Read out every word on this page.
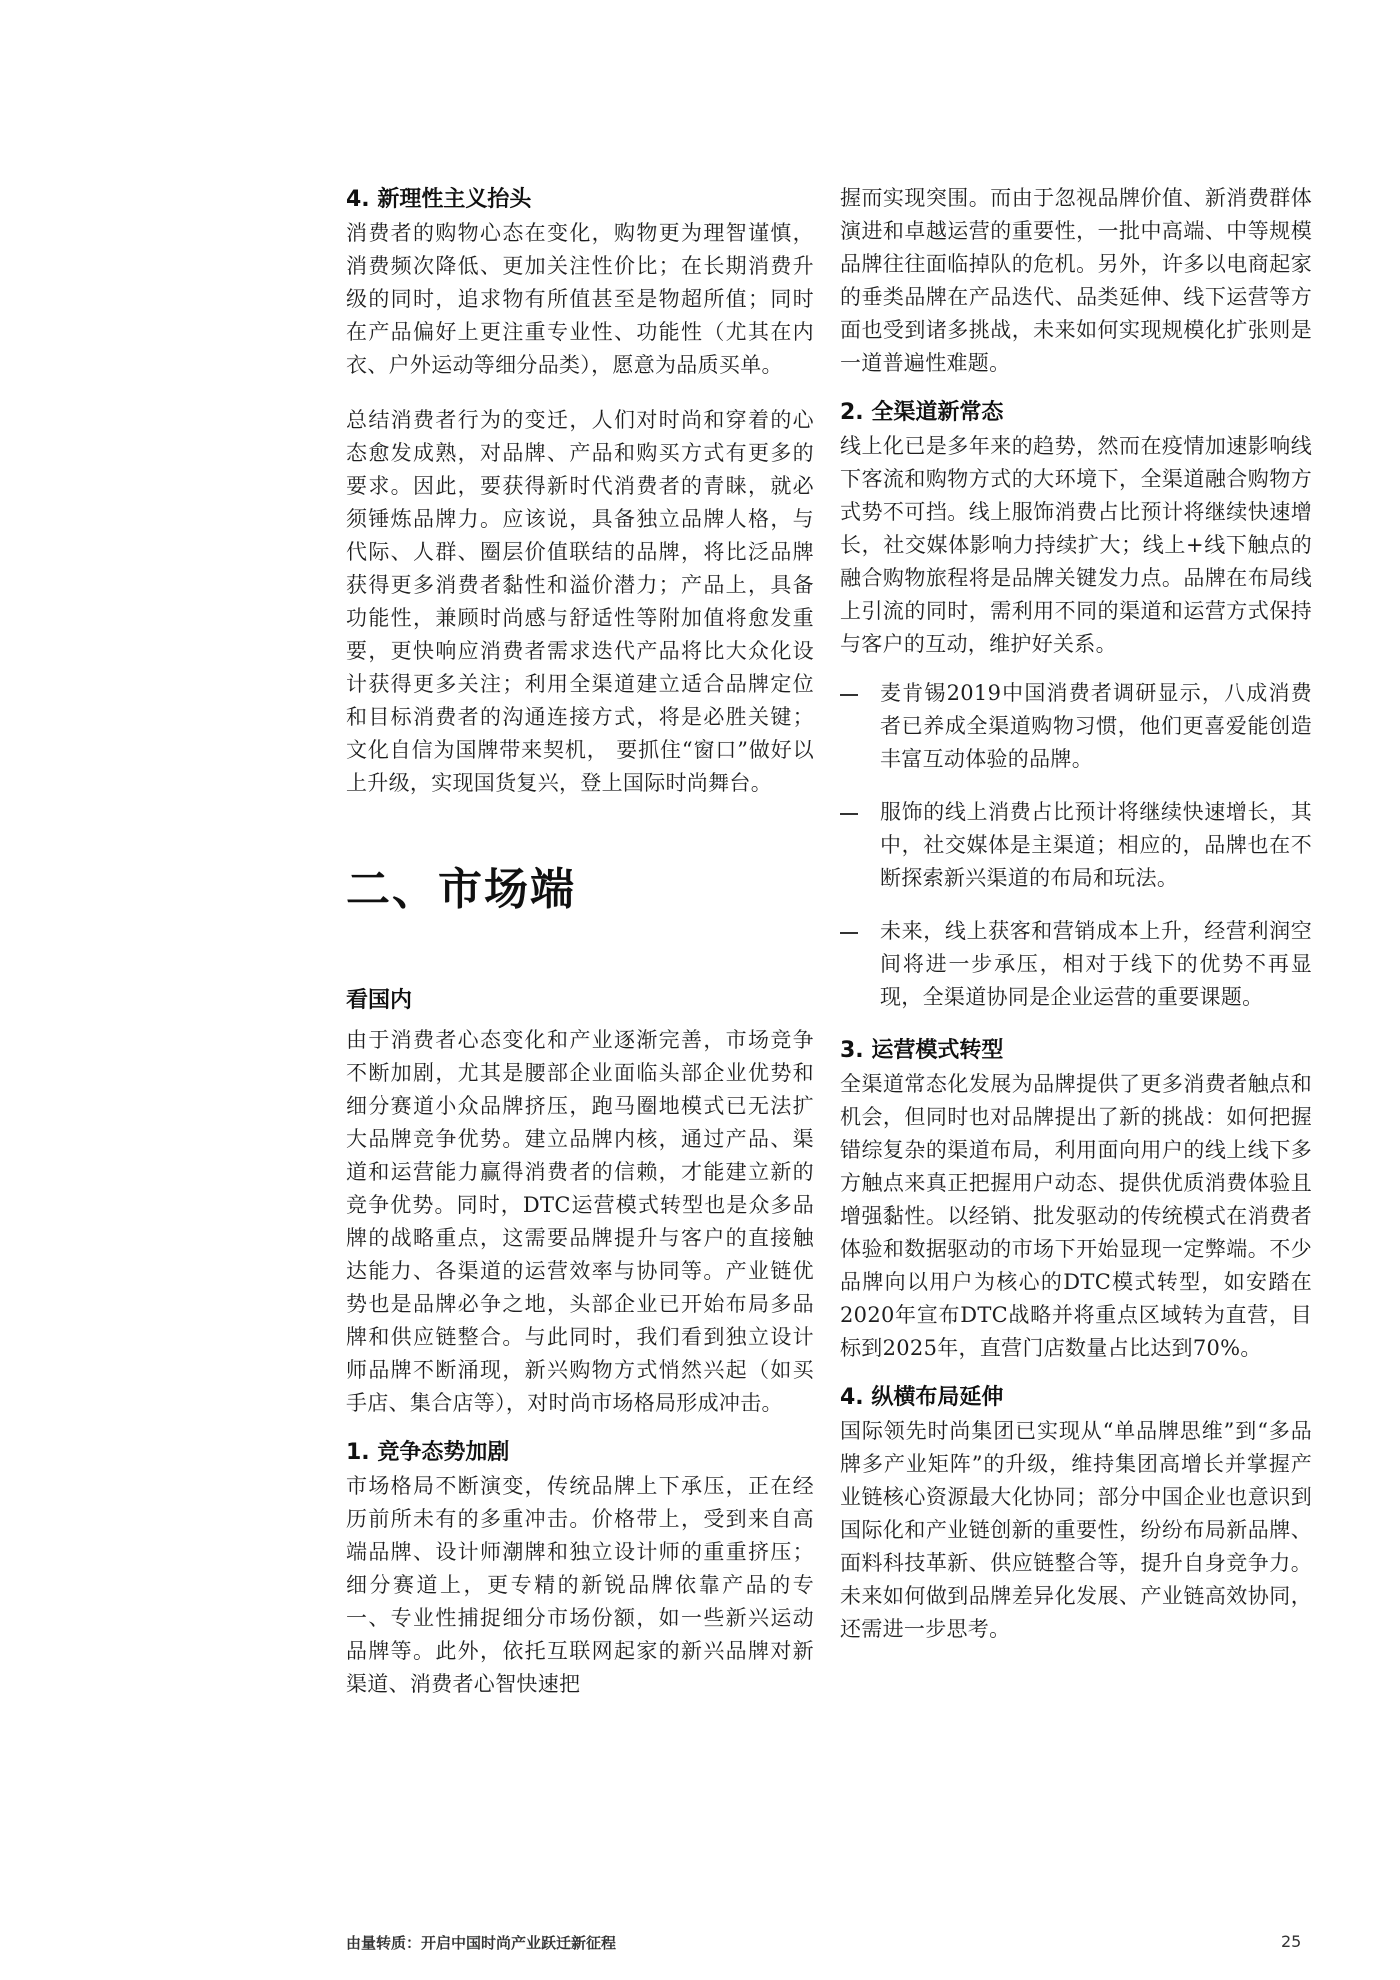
4. 新理性主义抬头

消费者的购物心态在变化，购物更为理智谨慎，消费频次降低、更加关注性价比；在长期消费升级的同时，追求物有所值甚至是物超所值；同时在产品偏好上更注重专业性、功能性（尤其在内衣、户外运动等细分品类），愿意为品质买单。

总结消费者行为的变迁，人们对时尚和穿着的心态愈发成熟，对品牌、产品和购买方式有更多的要求。因此，要获得新时代消费者的青睐，就必须锤炼品牌力。应该说，具备独立品牌人格，与代际、人群、圈层价值联结的品牌，将比泛品牌获得更多消费者黏性和溢价潜力；产品上，具备功能性，兼顾时尚感与舒适性等附加值将愈发重要，更快响应消费者需求迭代产品将比大众化设计获得更多关注；利用全渠道建立适合品牌定位和目标消费者的沟通连接方式，将是必胜关键；文化自信为国牌带来契机， 要抓住“窗口”做好以上升级，实现国货复兴，登上国际时尚舞台。

二、市场端
看国内

由于消费者心态变化和产业逐渐完善，市场竞争不断加剧，尤其是腰部企业面临头部企业优势和细分赛道小众品牌挤压，跑马圈地模式已无法扩大品牌竞争优势。建立品牌内核，通过产品、渠道和运营能力赢得消费者的信赖，才能建立新的竞争优势。同时，DTC运营模式转型也是众多品牌的战略重点，这需要品牌提升与客户的直接触达能力、各渠道的运营效率与协同等。产业链优势也是品牌必争之地，头部企业已开始布局多品牌和供应链整合。与此同时，我们看到独立设计师品牌不断涌现，新兴购物方式悄然兴起（如买手店、集合店等），对时尚市场格局形成冲击。

1. 竞争态势加剧

市场格局不断演变，传统品牌上下承压，正在经历前所未有的多重冲击。价格带上，受到来自高端品牌、设计师潮牌和独立设计师的重重挤压；细分赛道上，更专精的新锐品牌依靠产品的专一、专业性捕捉细分市场份额，如一些新兴运动品牌等。此外，依托互联网起家的新兴品牌对新渠道、消费者心智快速把

握而实现突围。而由于忽视品牌价值、新消费群体演进和卓越运营的重要性，一批中高端、中等规模品牌往往面临掉队的危机。另外，许多以电商起家的垂类品牌在产品迭代、品类延伸、线下运营等方面也受到诸多挑战，未来如何实现规模化扩张则是一道普遍性难题。

2. 全渠道新常态

线上化已是多年来的趋势，然而在疫情加速影响线下客流和购物方式的大环境下，全渠道融合购物方式势不可挡。线上服饰消费占比预计将继续快速增长，社交媒体影响力持续扩大；线上+线下触点的融合购物旅程将是品牌关键发力点。品牌在布局线上引流的同时，需利用不同的渠道和运营方式保持与客户的互动，维护好关系。

麦肯锡2019中国消费者调研显示，八成消费者已养成全渠道购物习惯，他们更喜爱能创造丰富互动体验的品牌。
服饰的线上消费占比预计将继续快速增长，其中，社交媒体是主渠道；相应的，品牌也在不断探索新兴渠道的布局和玩法。
未来，线上获客和营销成本上升，经营利润空间将进一步承压，相对于线下的优势不再显现，全渠道协同是企业运营的重要课题。
3. 运营模式转型

全渠道常态化发展为品牌提供了更多消费者触点和机会，但同时也对品牌提出了新的挑战：如何把握错综复杂的渠道布局，利用面向用户的线上线下多方触点来真正把握用户动态、提供优质消费体验且增强黏性。以经销、批发驱动的传统模式在消费者体验和数据驱动的市场下开始显现一定弊端。不少品牌向以用户为核心的DTC模式转型，如安踏在2020年宣布DTC战略并将重点区域转为直营，目标到2025年，直营门店数量占比达到70%。

4. 纵横布局延伸

国际领先时尚集团已实现从“单品牌思维”到“多品牌多产业矩阵”的升级，维持集团高增长并掌握产业链核心资源最大化协同；部分中国企业也意识到国际化和产业链创新的重要性，纷纷布局新品牌、面料科技革新、供应链整合等，提升自身竞争力。未来如何做到品牌差异化发展、产业链高效协同，还需进一步思考。

由量转质：开启中国时尚产业跃迁新征程	25
